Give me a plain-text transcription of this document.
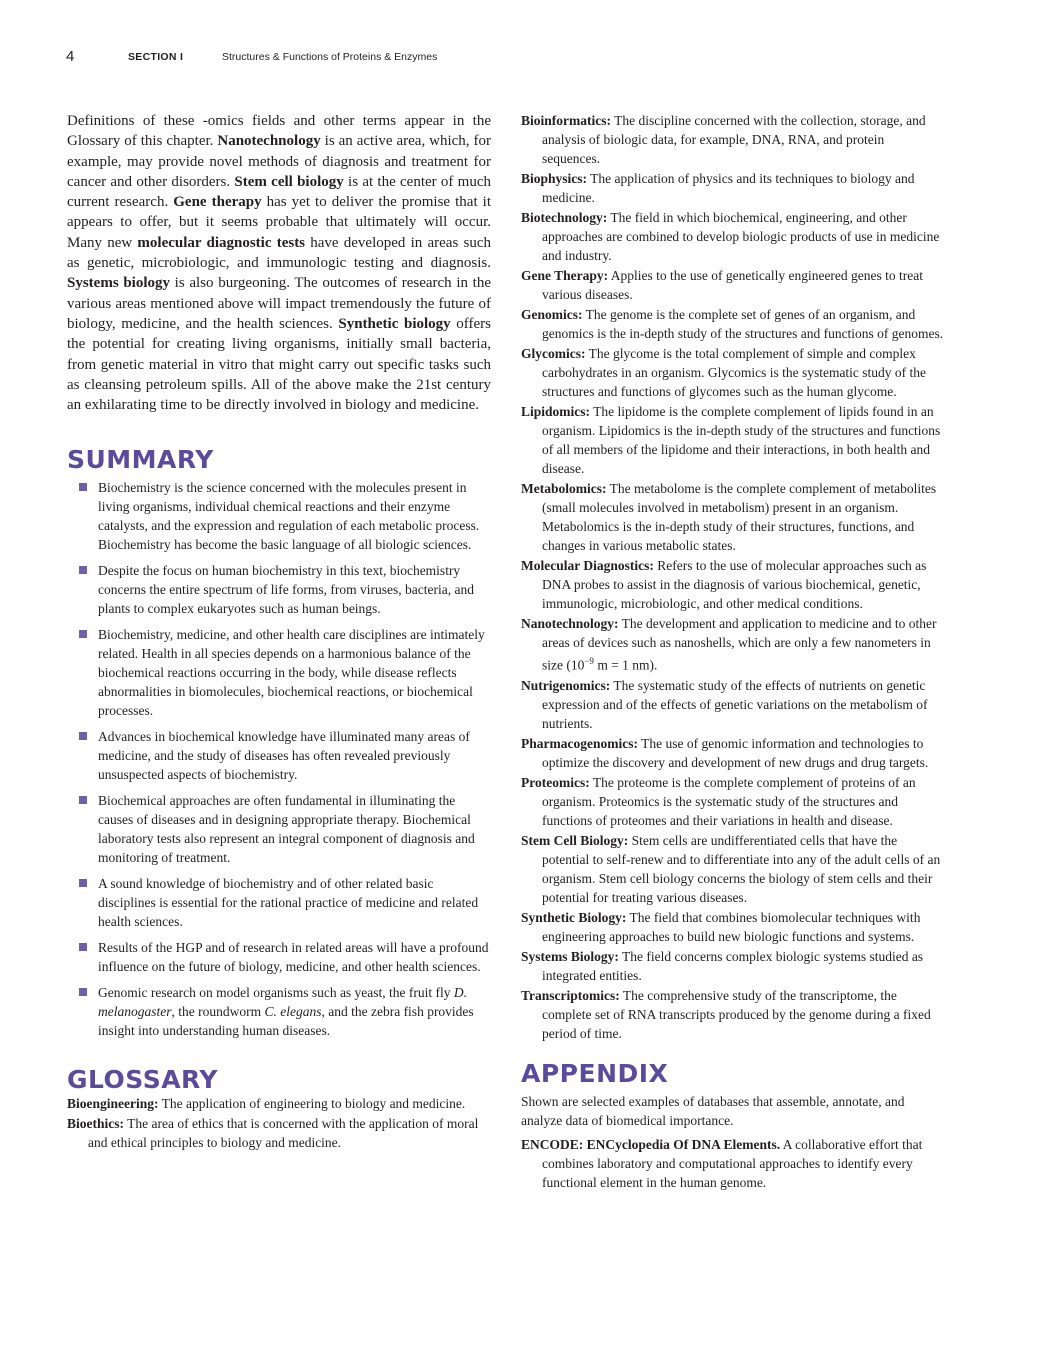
4	SECTION I	Structures & Functions of Proteins & Enzymes

Definitions of these -omics fields and other terms appear in the Glossary of this chapter. Nanotechnology is an active area, which, for example, may provide novel methods of diagnosis and treatment for cancer and other disorders. Stem cell biology is at the center of much current research. Gene therapy has yet to deliver the promise that it appears to offer, but it seems probable that ultimately will occur. Many new molecular diagnostic tests have developed in areas such as genetic, microbiologic, and immunologic testing and diagnosis. Systems biology is also burgeoning. The outcomes of research in the various areas mentioned above will impact tremendously the future of biology, medicine, and the health sciences. Synthetic biology offers the potential for creating living organisms, initially small bacteria, from genetic material in vitro that might carry out specific tasks such as cleansing petroleum spills. All of the above make the 21st century an exhilarating time to be directly involved in biology and medicine.

SUMMARY
Biochemistry is the science concerned with the molecules present in living organisms, individual chemical reactions and their enzyme catalysts, and the expression and regulation of each metabolic process. Biochemistry has become the basic language of all biologic sciences.
Despite the focus on human biochemistry in this text, biochemistry concerns the entire spectrum of life forms, from viruses, bacteria, and plants to complex eukaryotes such as human beings.
Biochemistry, medicine, and other health care disciplines are intimately related. Health in all species depends on a harmonious balance of the biochemical reactions occurring in the body, while disease reflects abnormalities in biomolecules, biochemical reactions, or biochemical processes.
Advances in biochemical knowledge have illuminated many areas of medicine, and the study of diseases has often revealed previously unsuspected aspects of biochemistry.
Biochemical approaches are often fundamental in illuminating the causes of diseases and in designing appropriate therapy. Biochemical laboratory tests also represent an integral component of diagnosis and monitoring of treatment.
A sound knowledge of biochemistry and of other related basic disciplines is essential for the rational practice of medicine and related health sciences.
Results of the HGP and of research in related areas will have a profound influence on the future of biology, medicine, and other health sciences.
Genomic research on model organisms such as yeast, the fruit fly D. melanogaster, the roundworm C. elegans, and the zebra fish provides insight into understanding human diseases.
GLOSSARY

Bioengineering: The application of engineering to biology and medicine.

Bioethics: The area of ethics that is concerned with the application of moral and ethical principles to biology and medicine.

Bioinformatics: The discipline concerned with the collection, storage, and analysis of biologic data, for example, DNA, RNA, and protein sequences.

Biophysics: The application of physics and its techniques to biology and medicine.

Biotechnology: The field in which biochemical, engineering, and other approaches are combined to develop biologic products of use in medicine and industry.

Gene Therapy: Applies to the use of genetically engineered genes to treat various diseases.

Genomics: The genome is the complete set of genes of an organism, and genomics is the in-depth study of the structures and functions of genomes.

Glycomics: The glycome is the total complement of simple and complex carbohydrates in an organism. Glycomics is the systematic study of the structures and functions of glycomes such as the human glycome.

Lipidomics: The lipidome is the complete complement of lipids found in an organism. Lipidomics is the in-depth study of the structures and functions of all members of the lipidome and their interactions, in both health and disease.

Metabolomics: The metabolome is the complete complement of metabolites (small molecules involved in metabolism) present in an organism. Metabolomics is the in-depth study of their structures, functions, and changes in various metabolic states.

Molecular Diagnostics: Refers to the use of molecular approaches such as DNA probes to assist in the diagnosis of various biochemical, genetic, immunologic, microbiologic, and other medical conditions.

Nanotechnology: The development and application to medicine and to other areas of devices such as nanoshells, which are only a few nanometers in size ($10^{-9}$ m = 1 nm).

Nutrigenomics: The systematic study of the effects of nutrients on genetic expression and of the effects of genetic variations on the metabolism of nutrients.

Pharmacogenomics: The use of genomic information and technologies to optimize the discovery and development of new drugs and drug targets.

Proteomics: The proteome is the complete complement of proteins of an organism. Proteomics is the systematic study of the structures and functions of proteomes and their variations in health and disease.

Stem Cell Biology: Stem cells are undifferentiated cells that have the potential to self-renew and to differentiate into any of the adult cells of an organism. Stem cell biology concerns the biology of stem cells and their potential for treating various diseases.

Synthetic Biology: The field that combines biomolecular techniques with engineering approaches to build new biologic functions and systems.

Systems Biology: The field concerns complex biologic systems studied as integrated entities.

Transcriptomics: The comprehensive study of the transcriptome, the complete set of RNA transcripts produced by the genome during a fixed period of time.

APPENDIX

Shown are selected examples of databases that assemble, annotate, and analyze data of biomedical importance.

ENCODE: ENCyclopedia Of DNA Elements. A collaborative effort that combines laboratory and computational approaches to identify every functional element in the human genome.
